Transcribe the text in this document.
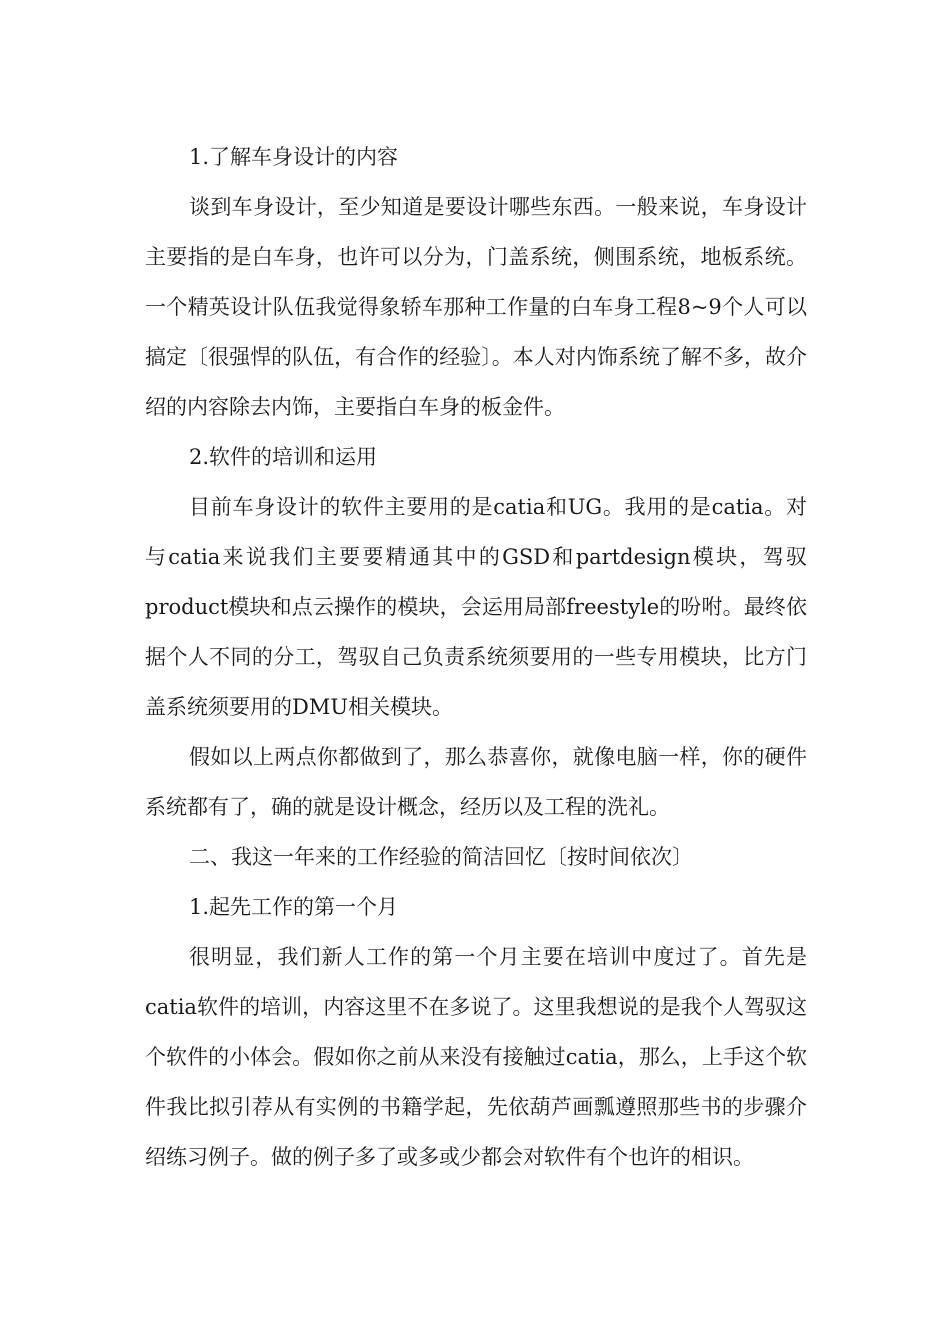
1.了解车身设计的内容

谈到车身设计，至少知道是要设计哪些东西。一般来说，车身设计主要指的是白车身，也许可以分为，门盖系统，侧围系统，地板系统。一个精英设计队伍我觉得象轿车那种工作量的白车身工程8~9个人可以搞定〔很强悍的队伍，有合作的经验〕。本人对内饰系统了解不多，故介绍的内容除去内饰，主要指白车身的板金件。

2.软件的培训和运用

目前车身设计的软件主要用的是catia和UG。我用的是catia。对与catia来说我们主要要精通其中的GSD和partdesign模块，驾驭product模块和点云操作的模块，会运用局部freestyle的吩咐。最终依据个人不同的分工，驾驭自己负责系统须要用的一些专用模块，比方门盖系统须要用的DMU相关模块。

假如以上两点你都做到了，那么恭喜你，就像电脑一样，你的硬件系统都有了，确的就是设计概念，经历以及工程的洗礼。

二、我这一年来的工作经验的简洁回忆〔按时间依次〕

1.起先工作的第一个月

很明显，我们新人工作的第一个月主要在培训中度过了。首先是catia软件的培训，内容这里不在多说了。这里我想说的是我个人驾驭这个软件的小体会。假如你之前从来没有接触过catia，那么，上手这个软件我比拟引荐从有实例的书籍学起，先依葫芦画瓢遵照那些书的步骤介绍练习例子。做的例子多了或多或少都会对软件有个也许的相识。
